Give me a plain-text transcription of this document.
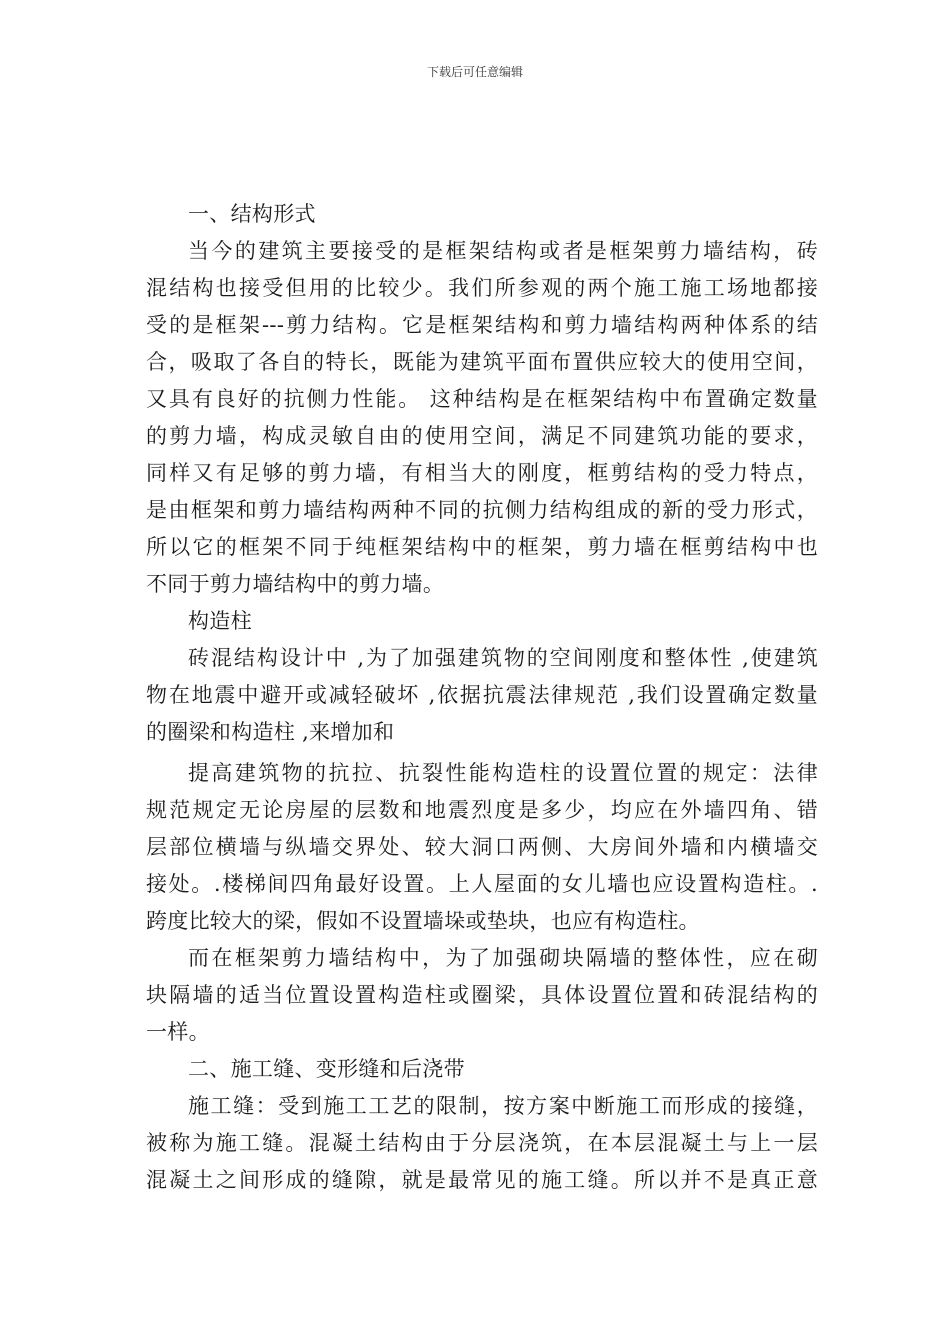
下载后可任意编辑
一、结构形式
当今的建筑主要接受的是框架结构或者是框架剪力墙结构，砖
混结构也接受但用的比较少。我们所参观的两个施工施工场地都接
受的是框架---剪力结构。它是框架结构和剪力墙结构两种体系的结
合，吸取了各自的特长，既能为建筑平面布置供应较大的使用空间，
又具有良好的抗侧力性能。 这种结构是在框架结构中布置确定数量
的剪力墙，构成灵敏自由的使用空间，满足不同建筑功能的要求，
同样又有足够的剪力墙，有相当大的刚度，框剪结构的受力特点，
是由框架和剪力墙结构两种不同的抗侧力结构组成的新的受力形式，
所以它的框架不同于纯框架结构中的框架，剪力墙在框剪结构中也
不同于剪力墙结构中的剪力墙。
构造柱
砖混结构设计中 ,为了加强建筑物的空间刚度和整体性 ,使建筑
物在地震中避开或减轻破坏 ,依据抗震法律规范 ,我们设置确定数量
的圈梁和构造柱 ,来增加和
提高建筑物的抗拉、抗裂性能构造柱的设置位置的规定：法律
规范规定无论房屋的层数和地震烈度是多少，均应在外墙四角、错
层部位横墙与纵墙交界处、较大洞口两侧、大房间外墙和内横墙交
接处。.楼梯间四角最好设置。上人屋面的女儿墙也应设置构造柱。.
跨度比较大的梁，假如不设置墙垛或垫块，也应有构造柱。
而在框架剪力墙结构中，为了加强砌块隔墙的整体性，应在砌
块隔墙的适当位置设置构造柱或圈梁，具体设置位置和砖混结构的
一样。
二、施工缝、变形缝和后浇带
施工缝：受到施工工艺的限制，按方案中断施工而形成的接缝，
被称为施工缝。混凝土结构由于分层浇筑，在本层混凝土与上一层
混凝土之间形成的缝隙，就是最常见的施工缝。所以并不是真正意
